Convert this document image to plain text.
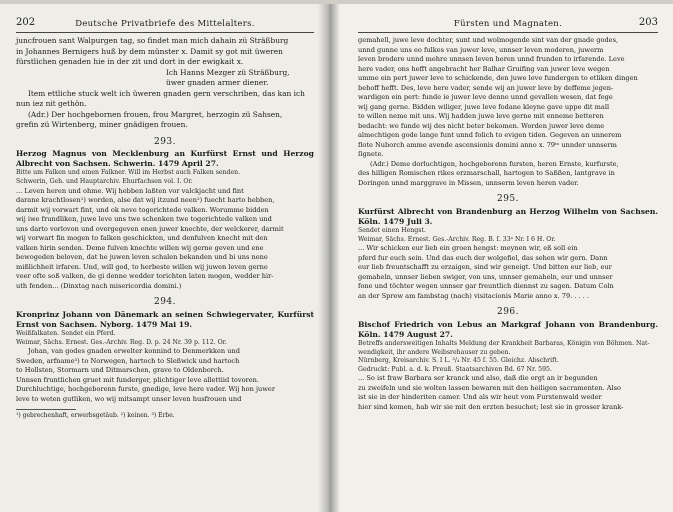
202	Deutsche Privatbriefe des Mittelalters.

juncfrouen sant Walpurgen tag, so findet man mich dahain zü Sträßburg

in Johannes Bernigers huß by dem münster x. Damit sy got mit üweren

fürstlichen genaden hie in der zit und dort in der ewigkait x.

Ich Hanns Mezger zü Sträßburg,

üwer gnaden armer diener.

Item ettliche stuck welt ich üweren gnaden gern verschriben, das kan ich

nun iez nit gethön.

(Adr.) Der hochgebornen frouen, frou Margret, herzogin zü Sahsen,

grefin zü Wirtenberg, miner gnädigen frouen.

293.

Herzog Magnus von Mecklenburg an Kurfürst Ernst und Herzog Albrecht von Sachsen. Schwerin. 1479 April 27.

Bitte um Falken und einen Falkner. Will im Herbst auch Falken senden.

Schwerin, Geh. und Hauptarchiv. Ehurfachsen vol. I. Or.

... Leven heren und ohme. Wij hebben laßten vor valckjacht und fint

darane krachtlosen¹) worden, alse dat wij itzund neen²) fuecht harto hebben,

darmit wij vorwart fint, und ok neve togerichtede valken. Worumme bidden

wij iwe frundliken, juwe leve uns twe schenken twe togerichtede valken und

uns darto vorlovon und overgegeven enen juwer knechte, der welckerer, darmit

wij vorwart fin mogen to falken geschickten, und denfulven knecht mit den

valken hirin senden. Deme fulven knechte willen wij gerne geven und ene

bewogeden beloven, dat he juwen leven schalen bekanden und bi uns nene

mißlichheit irfaren. Und, will god, to herbeste willen wij juwen leven gerne

veer ofte soß valken, de gi denne wedder torichten laten mogen, wedder hir-

uth fenden... (Dinxtag nach misericordia domini.)

294.

Kronprinz Johann von Dänemark an seinen Schwiegervater, Kurfürst Ernst von Sachsen. Nyborg. 1479 Mai 19.

Weißfalkaten. Sendet ein Pferd.

Weimar, Sächs. Ernest. Ges.-Archiv. Reg. D. p. 24 Nr. 39 p. 112. Or.

Johan, van godes gnaden erwelter konnind to Denmerkken und

Sweden, arfname³) to Norwegen, hartoch to Sleßwick und hartoch

to Hollsten, Stormarn und Ditmarschen, grave to Oldenborch.

Unnsen fruntlichen gruet mit funderger, plichtiger leve allettiid tovoren.

Durchluchtige, hochgeborenn furste, gnedige, leve here vader. Wij hon juwer

leve to weten gutliken, wo wij mitsampt unser leven husfrouen und

¹) gebrechenhaft, erwerbsgetäub. ²) keinen. ³) Erbe.

Fürsten und Magnaten.	203

gemahell, juwe leve dochter, sunt und wolmogende sint van der gnade godes,

unnd gunne uns eo fulkes van juwer leve, unnser leven moderen, juwerm

leven brodere unnd mehre unnsen leven heren unnd frunden to irfarende. Leve

here vader, ons hefft angebracht her Balhar Gruifing van juwer leve wegen

umme ein pert juwer leve to schickende, den juwe leve fundergen to etliken dingen

behoff hefft. Des, leve here vader, sende wij an juwer leve by deffeme jegen-

wardigen ein pert: funde ie juwer leve denne unnd gevallen wesen, dat fege

wij gang gerne. Bidden wiliger, juwe leve fodane kleyne gave uppe dit mall

to willen neme mit uns. Wij hadden juwe leve gerne mit enneme betteren

bedacht: we funde wij des nicht beter bekomen. Worden juwer leve deme

almechtigen gode lange funt unnd folich to evigen tiden. Gegeven an unnerem

flote Nuborch amme avende ascensionis domini anno x. 79ᵗᵒ unnder unnserm

ſignete.

(Adr.) Deme dorluchtigen, hochgeborenn fursten, heren Ernste, kurfurste,

des hilligen Romischen rikes erzmarschall, hartogen to Saßßen, lantgrave in

Doringen unnd marggrave in Missen, unnserm leven heren vader.

295.

Kurfürst Albrecht von Brandenburg an Herzog Wilhelm von Sachsen. Köln. 1479 Juli 3.

Sendet einen Hengst.

Weimar, Sächs. Ernest. Ges.-Archiv. Reg. B. ſ. 33ᵃ Nr. I 6 H. Or.

... Wir schicken eur lieb ein groen hengst: meynen wir, eß soll ein

pferd fur euch sein. Und das euch der wolgefiel, das sehen wir gern. Dann

eur lieb freuntschafft zu erzaigen, sind wir geneigt. Und bitten eur lieb, eur

gemaheln, unnser lieben swiger, von uns, unnser gemaheln, eur und unnser

fone und töchter wegen unnser gar freuntlich diennst zu sagen. Datum Coln

an der Sprew am fambstag (nach) visitacionis Marie anno x. 79. . . . .

296.

Bischof Friedrich von Lebus an Markgraf Johann von Brandenburg. Köln. 1479 August 27.

Betreffs andersweitigen Inhalts Meldung der Krankheit Barbaras, Königin von Böhmen. Nat-

wendigkeit, ihr andere Weibsrehauser zu geben.

Nürnberg, Kreisarchiv. S. I L. ³/₄ Nr. 45 ſ. 55. Gleichz. Abschrift.

Gedruckt: Publ. a. d. k. Preuß. Staatsarchiven Bd. 67 Nr. 595.

... So ist fraw Barbara ser kranck und also, daß die ergt an ir begunden

zu zweifeln und sie wolten lassen bewaren mit den heiligen sacramenten. Also

ist sie in der hinderiten camer. Und als wir heut vom Furstenwald weder

hier sind komen, hab wir sie mit den erzten besuchet; lest sie in grosser krank-
